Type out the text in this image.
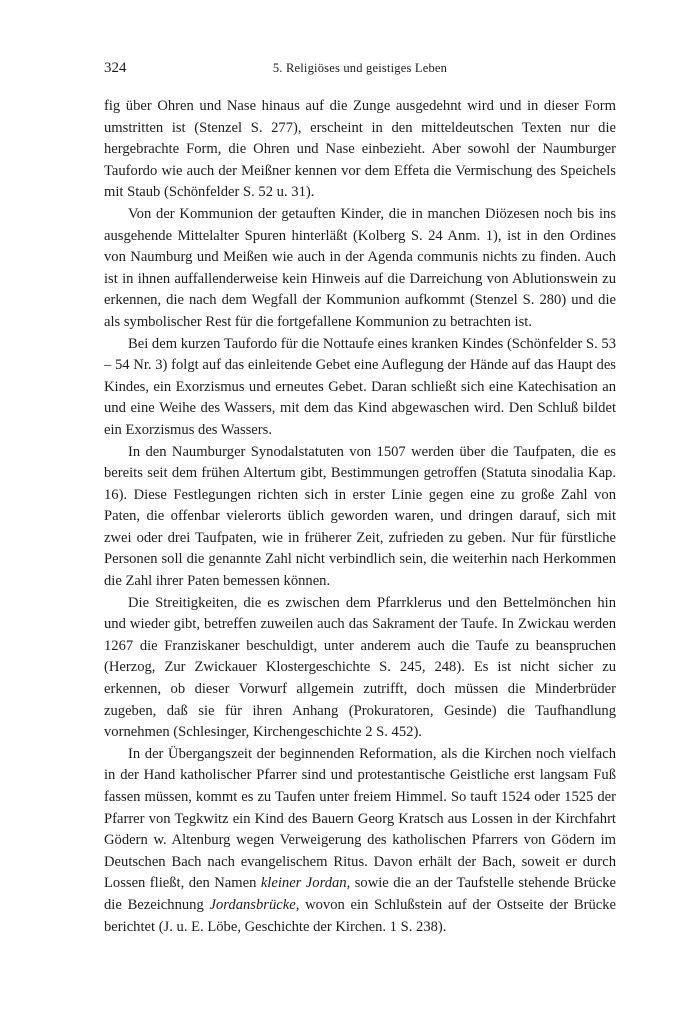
324	5. Religiöses und geistiges Leben

fig über Ohren und Nase hinaus auf die Zunge ausgedehnt wird und in dieser Form umstritten ist (Stenzel S. 277), erscheint in den mitteldeutschen Texten nur die hergebrachte Form, die Ohren und Nase einbezieht. Aber sowohl der Naumburger Taufordo wie auch der Meißner kennen vor dem Effeta die Vermischung des Speichels mit Staub (Schönfelder S. 52 u. 31).

Von der Kommunion der getauften Kinder, die in manchen Diözesen noch bis ins ausgehende Mittelalter Spuren hinterläßt (Kolberg S. 24 Anm. 1), ist in den Ordines von Naumburg und Meißen wie auch in der Agenda communis nichts zu finden. Auch ist in ihnen auffallenderweise kein Hinweis auf die Darreichung von Ablutionswein zu erkennen, die nach dem Wegfall der Kommunion aufkommt (Stenzel S. 280) und die als symbolischer Rest für die fortgefallene Kommunion zu betrachten ist.

Bei dem kurzen Taufordo für die Nottaufe eines kranken Kindes (Schönfelder S. 53 – 54 Nr. 3) folgt auf das einleitende Gebet eine Auflegung der Hände auf das Haupt des Kindes, ein Exorzismus und erneutes Gebet. Daran schließt sich eine Katechisation an und eine Weihe des Wassers, mit dem das Kind abgewaschen wird. Den Schluß bildet ein Exorzismus des Wassers.

In den Naumburger Synodalstatuten von 1507 werden über die Taufpaten, die es bereits seit dem frühen Altertum gibt, Bestimmungen getroffen (Statuta sinodalia Kap. 16). Diese Festlegungen richten sich in erster Linie gegen eine zu große Zahl von Paten, die offenbar vielerorts üblich geworden waren, und dringen darauf, sich mit zwei oder drei Taufpaten, wie in früherer Zeit, zufrieden zu geben. Nur für fürstliche Personen soll die genannte Zahl nicht verbindlich sein, die weiterhin nach Herkommen die Zahl ihrer Paten bemessen können.

Die Streitigkeiten, die es zwischen dem Pfarrklerus und den Bettelmönchen hin und wieder gibt, betreffen zuweilen auch das Sakrament der Taufe. In Zwickau werden 1267 die Franziskaner beschuldigt, unter anderem auch die Taufe zu beanspruchen (Herzog, Zur Zwickauer Klostergeschichte S. 245, 248). Es ist nicht sicher zu erkennen, ob dieser Vorwurf allgemein zutrifft, doch müssen die Minderbrüder zugeben, daß sie für ihren Anhang (Prokuratoren, Gesinde) die Taufhandlung vornehmen (Schlesinger, Kirchengeschichte 2 S. 452).

In der Übergangszeit der beginnenden Reformation, als die Kirchen noch vielfach in der Hand katholischer Pfarrer sind und protestantische Geistliche erst langsam Fuß fassen müssen, kommt es zu Taufen unter freiem Himmel. So tauft 1524 oder 1525 der Pfarrer von Tegkwitz ein Kind des Bauern Georg Kratsch aus Lossen in der Kirchfahrt Gödern w. Altenburg wegen Verweigerung des katholischen Pfarrers von Gödern im Deutschen Bach nach evangelischem Ritus. Davon erhält der Bach, soweit er durch Lossen fließt, den Namen kleiner Jordan, sowie die an der Taufstelle stehende Brücke die Bezeichnung Jordansbrücke, wovon ein Schlußstein auf der Ostseite der Brücke berichtet (J. u. E. Löbe, Geschichte der Kirchen. 1 S. 238).
